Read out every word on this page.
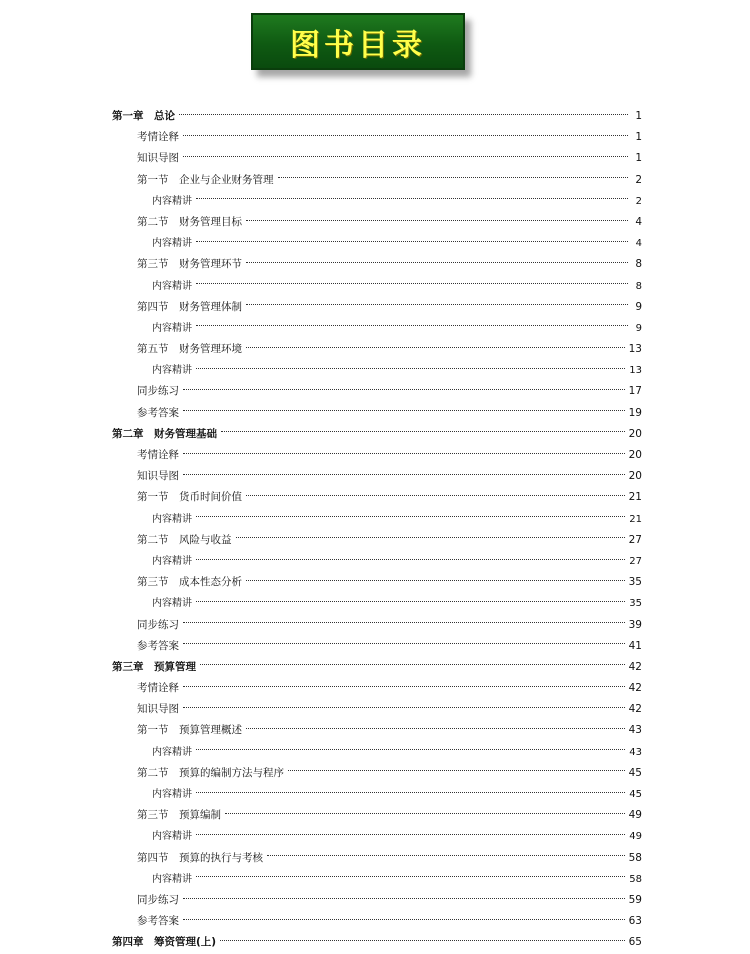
图书目录
第一章　总论	1
考情诠释	1
知识导图	1
第一节　企业与企业财务管理	2
内容精讲	2
第二节　财务管理目标	4
内容精讲	4
第三节　财务管理环节	8
内容精讲	8
第四节　财务管理体制	9
内容精讲	9
第五节　财务管理环境	13
内容精讲	13
同步练习	17
参考答案	19
第二章　财务管理基础	20
考情诠释	20
知识导图	20
第一节　货币时间价值	21
内容精讲	21
第二节　风险与收益	27
内容精讲	27
第三节　成本性态分析	35
内容精讲	35
同步练习	39
参考答案	41
第三章　预算管理	42
考情诠释	42
知识导图	42
第一节　预算管理概述	43
内容精讲	43
第二节　预算的编制方法与程序	45
内容精讲	45
第三节　预算编制	49
内容精讲	49
第四节　预算的执行与考核	58
内容精讲	58
同步练习	59
参考答案	63
第四章　筹资管理(上)	65
